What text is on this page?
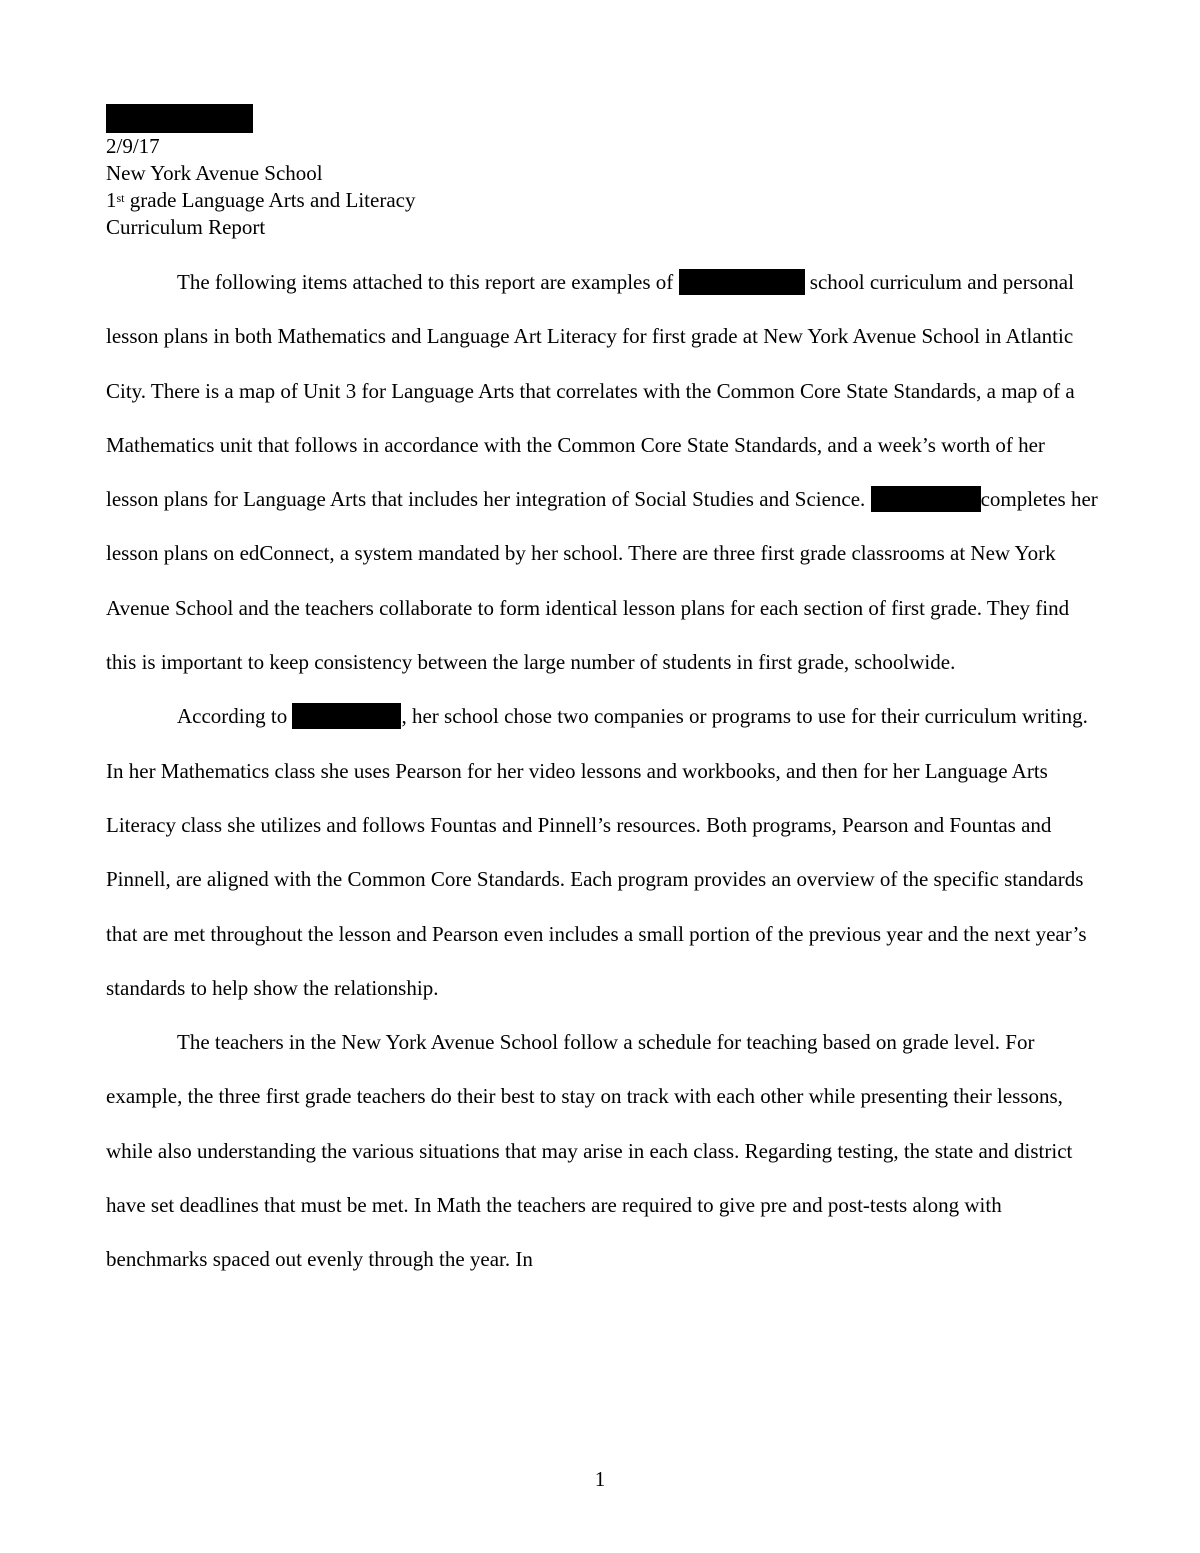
2/9/17
New York Avenue School
1st grade Language Arts and Literacy
Curriculum Report

The following items attached to this report are examples of	school curriculum and personal lesson plans in both Mathematics and Language Art Literacy for first grade at New York Avenue School in Atlantic City. There is a map of Unit 3 for Language Arts that correlates with the Common Core State Standards, a map of a Mathematics unit that follows in accordance with the Common Core State Standards, and a week’s worth of her lesson plans for Language Arts that includes her integration of Social Studies and Science.	completes her lesson plans on edConnect, a system mandated by her school. There are three first grade classrooms at New York Avenue School and the teachers collaborate to form identical lesson plans for each section of first grade. They find this is important to keep consistency between the large number of students in first grade, schoolwide.

According to	, her school chose two companies or programs to use for their curriculum writing. In her Mathematics class she uses Pearson for her video lessons and workbooks, and then for her Language Arts Literacy class she utilizes and follows Fountas and Pinnell’s resources. Both programs, Pearson and Fountas and Pinnell, are aligned with the Common Core Standards. Each program provides an overview of the specific standards that are met throughout the lesson and Pearson even includes a small portion of the previous year and the next year’s standards to help show the relationship.

The teachers in the New York Avenue School follow a schedule for teaching based on grade level. For example, the three first grade teachers do their best to stay on track with each other while presenting their lessons, while also understanding the various situations that may arise in each class. Regarding testing, the state and district have set deadlines that must be met. In Math the teachers are required to give pre and post-tests along with benchmarks spaced out evenly through the year. In

1
